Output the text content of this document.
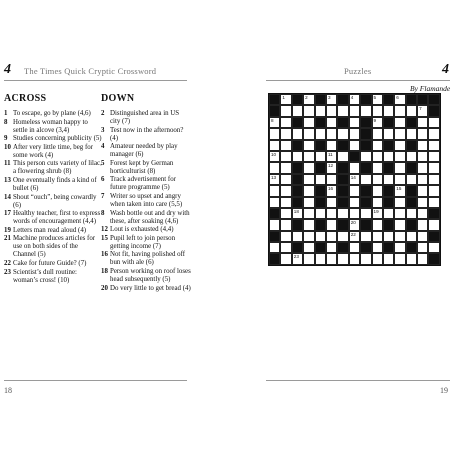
4 The Times Quick Cryptic Crossword
ACROSS	DOWN
1 To escape, go by plane (4,6)
8 Homeless woman happy to settle in alcove (3,4)
9 Studies concerning publicity (5)
10 After very little time, beg for some work (4)
11 This person cuts variety of lilac, a flowering shrub (8)
13 One eventually finds a kind of bullet (6)
14 Shout “ouch”, being cowardly (6)
17 Healthy teacher, first to express words of encouragement (4,4)
19 Letters man read aloud (4)
21 Machine produces articles for use on both sides of the Channel (5)
22 Cake for future Guide? (7)
23 Scientist’s dull routine: woman’s cross! (10)
2 Distinguished area in US city (7)
3 Test now in the afternoon? (4)
4 Amateur needed by play manager (6)
5 Forest kept by German horticulturist (8)
6 Track advertisement for future programme (5)
7 Writer so upset and angry when taken into care (5,5)
8 Wash bottle out and dry with these, after soaking (4,6)
12 Lout is exhausted (4,4)
15 Pupil left to join person getting income (7)
16 Not fit, having polished off bun with ale (6)
18 Person working on roof loses head subsequently (5)
20 Do very little to get bread (4)
18
Puzzles	4
By Flamande
19
1	2	3	4	5	6
7
8	9
10	11
12
13	14
16	15
18	19
20
22
23
